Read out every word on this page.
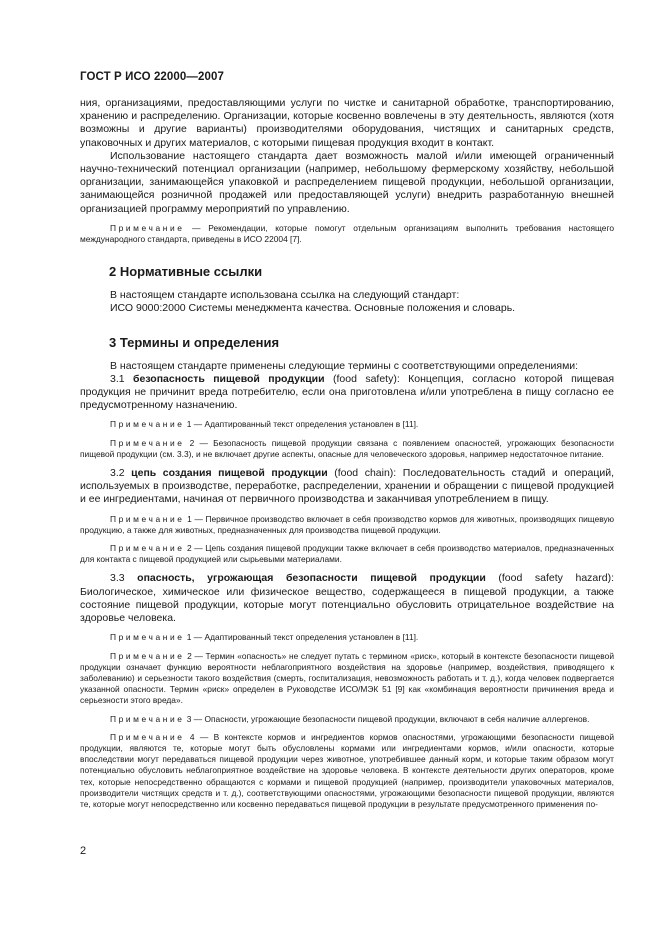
ГОСТ Р ИСО 22000—2007

ния, организациями, предоставляющими услуги по чистке и санитарной обработке, транспортированию, хранению и распределению. Организации, которые косвенно вовлечены в эту деятельность, являются (хотя возможны и другие варианты) производителями оборудования, чистящих и санитарных средств, упаковочных и других материалов, с которыми пищевая продукция входит в контакт.

Использование настоящего стандарта дает возможность малой и/или имеющей ограниченный научно-технический потенциал организации (например, небольшому фермерскому хозяйству, небольшой организации, занимающейся упаковкой и распределением пищевой продукции, небольшой организации, занимающейся розничной продажей или предоставляющей услуги) внедрить разработанную внешней организацией программу мероприятий по управлению.

Примечание — Рекомендации, которые помогут отдельным организациям выполнить требования настоящего международного стандарта, приведены в ИСО 22004 [7].

2 Нормативные ссылки

В настоящем стандарте использована ссылка на следующий стандарт:

ИСО 9000:2000 Системы менеджмента качества. Основные положения и словарь.

3 Термины и определения

В настоящем стандарте применены следующие термины с соответствующими определениями:

3.1 безопасность пищевой продукции (food safety): Концепция, согласно которой пищевая продукция не причинит вреда потребителю, если она приготовлена и/или употреблена в пищу согласно ее предусмотренному назначению.

Примечание 1 — Адаптированный текст определения установлен в [11].

Примечание 2 — Безопасность пищевой продукции связана с появлением опасностей, угрожающих безопасности пищевой продукции (см. 3.3), и не включает другие аспекты, опасные для человеческого здоровья, например недостаточное питание.

3.2 цепь создания пищевой продукции (food chain): Последовательность стадий и операций, используемых в производстве, переработке, распределении, хранении и обращении с пищевой продукцией и ее ингредиентами, начиная от первичного производства и заканчивая употреблением в пищу.

Примечание 1 — Первичное производство включает в себя производство кормов для животных, производящих пищевую продукцию, а также для животных, предназначенных для производства пищевой продукции.

Примечание 2 — Цепь создания пищевой продукции также включает в себя производство материалов, предназначенных для контакта с пищевой продукцией или сырьевыми материалами.

3.3 опасность, угрожающая безопасности пищевой продукции (food safety hazard): Биологическое, химическое или физическое вещество, содержащееся в пищевой продукции, а также состояние пищевой продукции, которые могут потенциально обусловить отрицательное воздействие на здоровье человека.

Примечание 1 — Адаптированный текст определения установлен в [11].

Примечание 2 — Термин «опасность» не следует путать с термином «риск», который в контексте безопасности пищевой продукции означает функцию вероятности неблагоприятного воздействия на здоровье (например, воздействия, приводящего к заболеванию) и серьезности такого воздействия (смерть, госпитализация, невозможность работать и т. д.), когда человек подвергается указанной опасности. Термин «риск» определен в Руководстве ИСО/МЭК 51 [9] как «комбинация вероятности причинения вреда и серьезности этого вреда».

Примечание 3 — Опасности, угрожающие безопасности пищевой продукции, включают в себя наличие аллергенов.

Примечание 4 — В контексте кормов и ингредиентов кормов опасностями, угрожающими безопасности пищевой продукции, являются те, которые могут быть обусловлены кормами или ингредиентами кормов, и/или опасности, которые впоследствии могут передаваться пищевой продукции через животное, употребившее данный корм, и которые таким образом могут потенциально обусловить неблагоприятное воздействие на здоровье человека. В контексте деятельности других операторов, кроме тех, которые непосредственно обращаются с кормами и пищевой продукцией (например, производители упаковочных материалов, производители чистящих средств и т. д.), соответствующими опасностями, угрожающими безопасности пищевой продукции, являются те, которые могут непосредственно или косвенно передаваться пищевой продукции в результате предусмотренного применения по-

2
